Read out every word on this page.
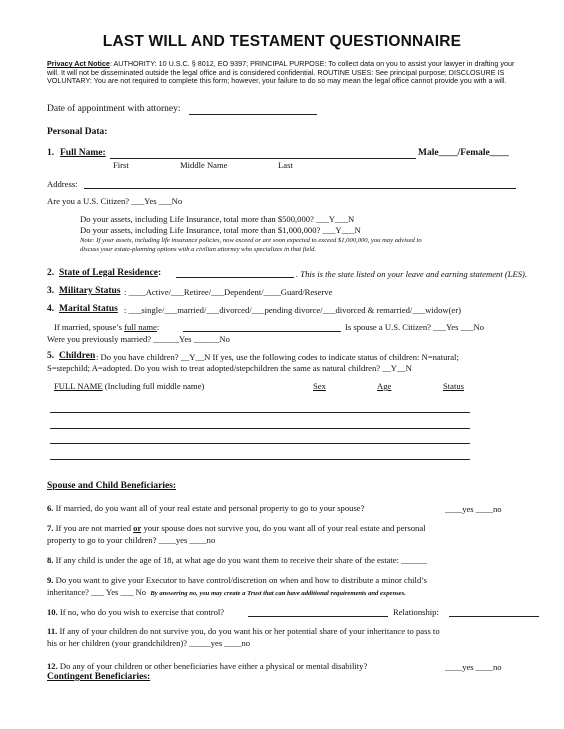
LAST WILL AND TESTAMENT QUESTIONNAIRE
Privacy Act Notice: AUTHORITY: 10 U.S.C. § 8012, EO 9397; PRINCIPAL PURPOSE: To collect data on you to assist your lawyer in drafting your will. It will not be disseminated outside the legal office and is considered confidential. ROUTINE USES: See principal purpose; DISCLOSURE IS VOLUNTARY: You are not required to complete this form; however, your failure to do so may mean the legal office cannot provide you with a will.
Date of appointment with attorney:
Personal Data:
1. Full Name:	Male____/Female____
First	Middle Name	Last
Address:
Are you a U.S. Citizen? ___Yes ___No
Do your assets, including Life Insurance, total more than $500,000? ___Y___N
Do your assets, including Life Insurance, total more than $1,000,000? ___Y___N
Note: If your assets, including life insurance policies, now exceed or are soon expected to exceed $1,000,000, you may advised to
discuss your estate-planning options with a civilian attorney who specializes in that field.
2. State of Legal Residence:	. This is the state listed on your leave and earning statement (LES).
3. Military Status : ____Active/___Retiree/___Dependent/____Guard/Reserve
4. Marital Status : ___single/___married/___divorced/___pending divorce/___divorced & remarried/___widow(er)
If married, spouse’s full name:	Is spouse a U.S. Citizen? ___Yes ___No
Were you previously married? ______Yes ______No
5. Children : Do you have children? __Y__N If yes, use the following codes to indicate status of children: N=natural;
S=stepchild; A=adopted. Do you wish to treat adopted/stepchildren the same as natural children? __Y__N
FULL NAME (Including full middle name)	Sex	Age	Status
Spouse and Child Beneficiaries:
6. If married, do you want all of your real estate and personal property to go to your spouse?	____yes ____no
7. If you are not married or your spouse does not survive you, do you want all of your real estate and personal
property to go to your children? ____yes ____no
8. If any child is under the age of 18, at what age do you want them to receive their share of the estate: ______
9. Do you want to give your Executor to have control/discretion on when and how to distribute a minor child’s
inheritance? ___ Yes ___ No By answering no, you may create a Trust that can have additional requirements and expenses.
10. If no, who do you wish to exercise that control?	Relationship:
11. If any of your children do not survive you, do you want his or her potential share of your inheritance to pass to
his or her children (your grandchildren)? _____yes ____no
12. Do any of your children or other beneficiaries have either a physical or mental disability?	____yes ____no
Contingent Beneficiaries:
